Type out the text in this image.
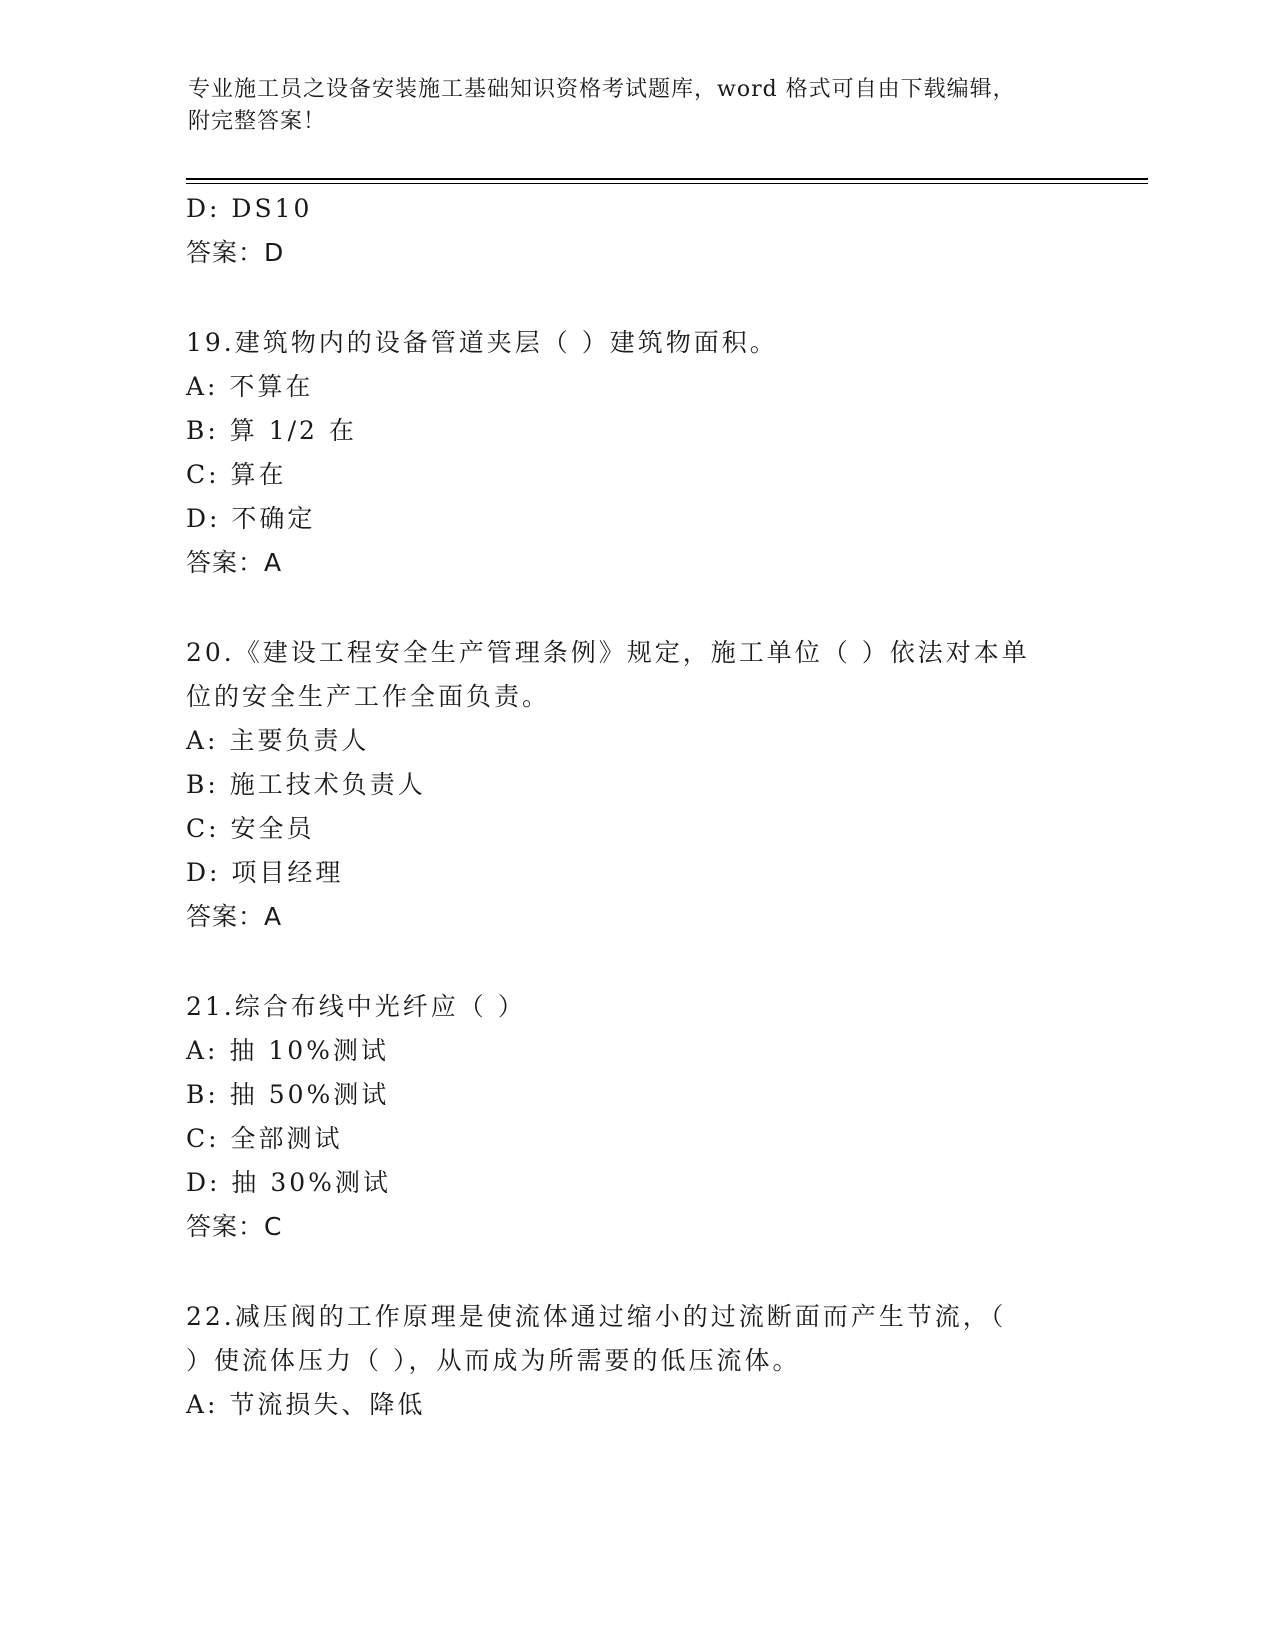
专业施工员之设备安装施工基础知识资格考试题库，word 格式可自由下载编辑，
附完整答案！
D: DS10
答案：D
19.建筑物内的设备管道夹层（ ）建筑物面积。
A: 不算在
B: 算 1/2 在
C: 算在
D: 不确定
答案：A
20.《建设工程安全生产管理条例》规定，施工单位（ ）依法对本单
位的安全生产工作全面负责。
A: 主要负责人
B: 施工技术负责人
C: 安全员
D: 项目经理
答案：A
21.综合布线中光纤应（ ）
A: 抽 10%测试
B: 抽 50%测试
C: 全部测试
D: 抽 30%测试
答案：C
22.减压阀的工作原理是使流体通过缩小的过流断面而产生节流，（
）使流体压力（ ），从而成为所需要的低压流体。
A: 节流损失、降低
